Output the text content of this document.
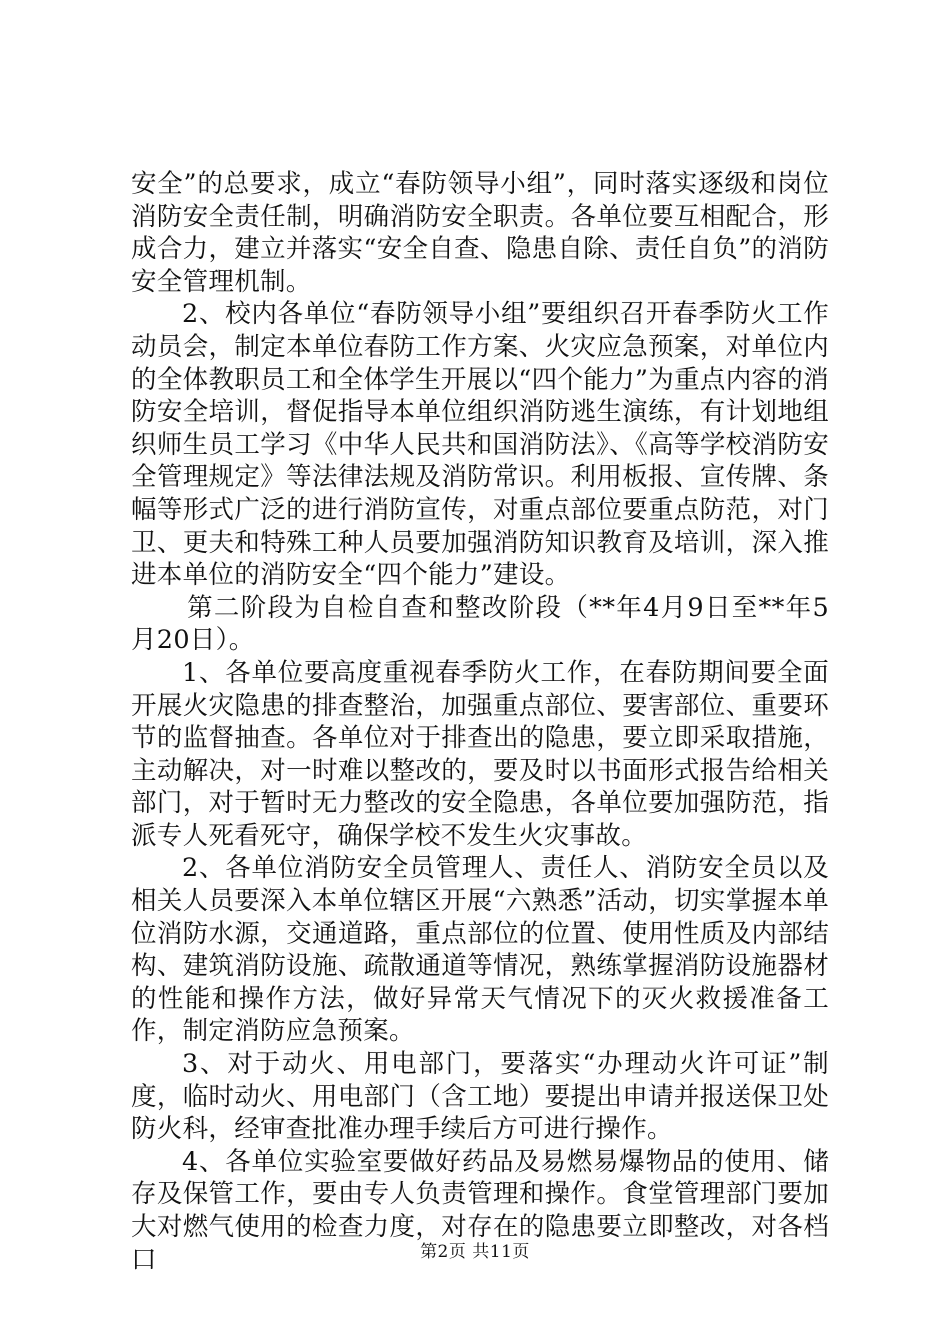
安全”的总要求，成立“春防领导小组”，同时落实逐级和岗位消防安全责任制，明确消防安全职责。各单位要互相配合，形成合力，建立并落实“安全自查、隐患自除、责任自负”的消防安全管理机制。

2、校内各单位“春防领导小组”要组织召开春季防火工作动员会，制定本单位春防工作方案、火灾应急预案，对单位内的全体教职员工和全体学生开展以“四个能力”为重点内容的消防安全培训，督促指导本单位组织消防逃生演练，有计划地组织师生员工学习《中华人民共和国消防法》、《高等学校消防安全管理规定》等法律法规及消防常识。利用板报、宣传牌、条幅等形式广泛的进行消防宣传，对重点部位要重点防范，对门卫、更夫和特殊工种人员要加强消防知识教育及培训，深入推进本单位的消防安全“四个能力”建设。

第二阶段为自检自查和整改阶段（**年4月9日至**年5月20日）。

1、各单位要高度重视春季防火工作，在春防期间要全面开展火灾隐患的排查整治，加强重点部位、要害部位、重要环节的监督抽查。各单位对于排查出的隐患，要立即采取措施，主动解决，对一时难以整改的，要及时以书面形式报告给相关部门，对于暂时无力整改的安全隐患，各单位要加强防范，指派专人死看死守，确保学校不发生火灾事故。

2、各单位消防安全员管理人、责任人、消防安全员以及相关人员要深入本单位辖区开展“六熟悉”活动，切实掌握本单位消防水源，交通道路，重点部位的位置、使用性质及内部结构、建筑消防设施、疏散通道等情况，熟练掌握消防设施器材的性能和操作方法，做好异常天气情况下的灭火救援准备工作，制定消防应急预案。

3、对于动火、用电部门，要落实“办理动火许可证”制度，临时动火、用电部门（含工地）要提出申请并报送保卫处防火科，经审查批准办理手续后方可进行操作。

4、各单位实验室要做好药品及易燃易爆物品的使用、储存及保管工作，要由专人负责管理和操作。食堂管理部门要加大对燃气使用的检查力度，对存在的隐患要立即整改，对各档口	第2页 共11页
